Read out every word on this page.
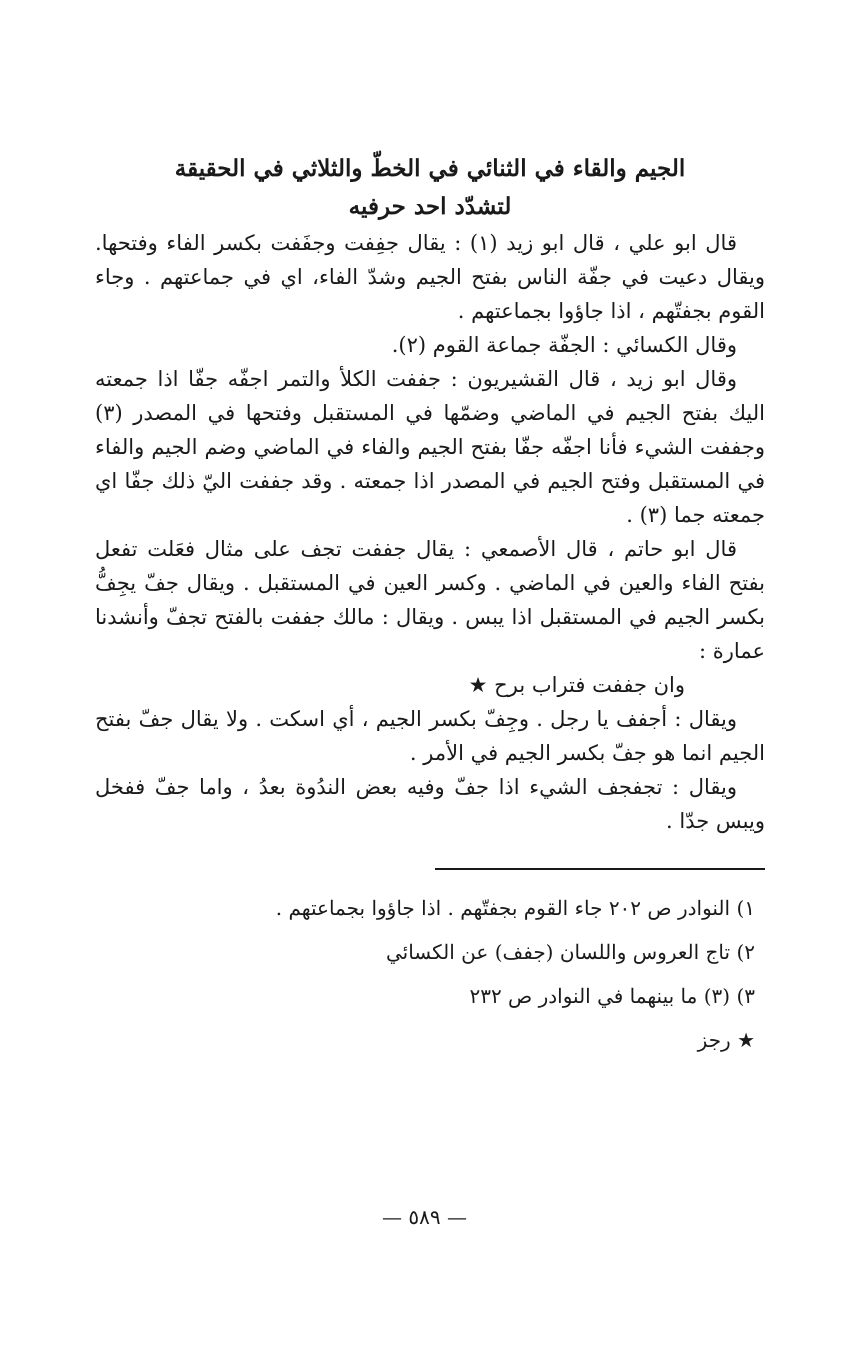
الجيم والقاء في الثنائي في الخطّ والثلاثي في الحقيقة
لتشدّد احد حرفيه

قال ابو علي ، قال ابو زيد (١) : يقال جفِفت وجفَفت بكسر الفاء وفتحها. ويقال دعيت في جفّة الناس بفتح الجيم وشدّ الفاء، اي في جماعتهم . وجاء القوم بجفتّهم ، اذا جاؤوا بجماعتهم .

وقال الكسائي : الجفّة جماعة القوم (٢).

وقال ابو زيد ، قال القشيريون : جففت الكلأ والتمر اجفّه جفّا اذا جمعته اليك بفتح الجيم في الماضي وضمّها في المستقبل وفتحها في المصدر (٣) وجففت الشيء فأنا اجفّه جفّا بفتح الجيم والفاء في الماضي وضم الجيم والفاء في المستقبل وفتح الجيم في المصدر اذا جمعته . وقد جففت اليّ ذلك جفّا اي جمعته جما (٣) .

قال ابو حاتم ، قال الأصمعي : يقال جففت تجف على مثال فعَلت تفعل بفتح الفاء والعين في الماضي . وكسر العين في المستقبل . ويقال جفّ يجِفُّ بكسر الجيم في المستقبل اذا يبس . ويقال : مالك جففت بالفتح تجفّ وأنشدنا عمارة :

وان جففت فتراب برح ★

ويقال : أجفف يا رجل . وجِفّ بكسر الجيم ، أي اسكت . ولا يقال جفّ بفتح الجيم انما هو جفّ بكسر الجيم في الأمر .

ويقال : تجفجف الشيء اذا جفّ وفيه بعض الندُوة بعدُ ، واما جفّ ففخل ويبس جدّا .

١) النوادر ص ٢٠٢ جاء القوم بجفتّهم . اذا جاؤوا بجماعتهم .
٢) تاج العروس واللسان (جفف) عن الكسائي
٣) (٣) ما بينهما في النوادر ص ٢٣٢
★ رجز
— ٥٨٩ —
